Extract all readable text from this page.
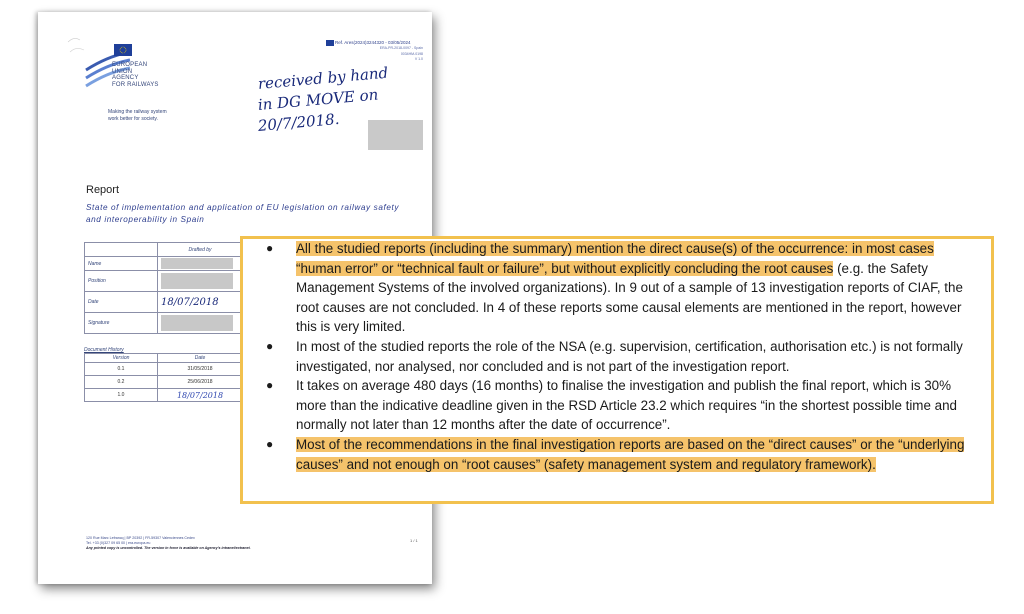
EUROPEAN
UNION
AGENCY
FOR RAILWAYS
Making the railway system
work better for society.
Ref. Ares(2024)3244320 - 03/05/2024
ERA-PR-2018-0097 - Spain
0034HM-0198
V 1.0
received by hand
in DG MOVE on
20/7/2018.
Report
State of implementation and application of EU legislation on railway safety and interoperability in Spain
	Drafted by
Name	

Position	

Date	18/07/2018
Signature	
Document History
Version	Date
0.1	31/05/2018
0.2	25/06/2018
1.0	18/07/2018
120 Rue Marc Lefrancq | BP 20392 | FR-59307 Valenciennes Cedex
Tel. +33 (0)327 09 65 00 | era.europa.eu
Any printed copy is uncontrolled. The version in force is available on Agency's intranet/extranet.
1 / 1
● All the studied reports (including the summary) mention the direct cause(s) of the occurrence: in most cases “human error” or “technical fault or failure”, but without explicitly concluding the root causes (e.g. the Safety Management Systems of the involved organizations). In 9 out of a sample of 13 investigation reports of CIAF, the root causes are not concluded. In 4 of these reports some causal elements are mentioned in the report, however this is very limited.
● In most of the studied reports the role of the NSA (e.g. supervision, certification, authorisation etc.) is not formally investigated, nor analysed, nor concluded and is not part of the investigation report.
● It takes on average 480 days (16 months) to finalise the investigation and publish the final report, which is 30% more than the indicative deadline given in the RSD Article 23.2 which requires “in the shortest possible time and normally not later than 12 months after the date of occurrence”.
● Most of the recommendations in the final investigation reports are based on the “direct causes” or the “underlying causes” and not enough on “root causes” (safety management system and regulatory framework).
